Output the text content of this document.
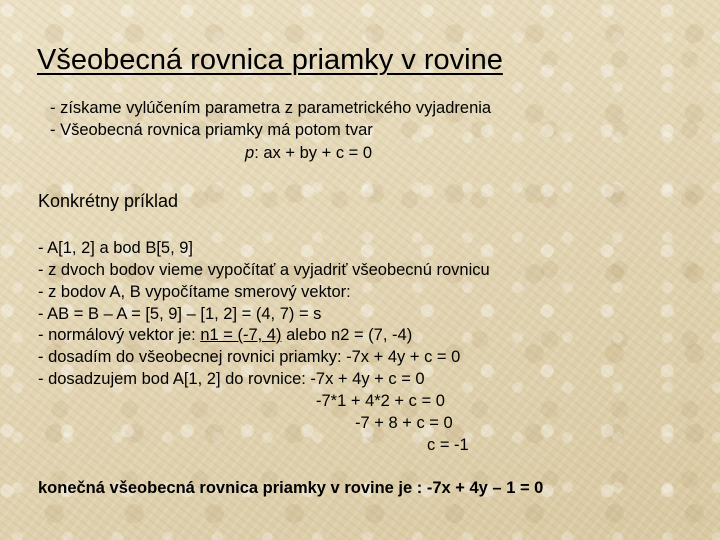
Všeobecná rovnica priamky v rovine
- získame vylúčením parametra z parametrického vyjadrenia
- Všeobecná rovnica priamky má potom tvar
p: ax + by + c = 0
Konkrétny príklad
- A[1, 2] a bod B[5, 9]
- z dvoch bodov vieme vypočítať a vyjadriť všeobecnú rovnicu
- z bodov A, B vypočítame smerový vektor:
- AB = B – A = [5, 9] – [1, 2] = (4, 7) = s
- normálový vektor je: n1 = (-7, 4) alebo n2 = (7, -4)
- dosadím do všeobecnej rovnici priamky: -7x + 4y + c = 0
- dosadzujem bod A[1, 2] do rovnice: -7x + 4y + c = 0
-7*1 + 4*2 + c = 0
-7 + 8 + c = 0
c = -1
konečná všeobecná rovnica priamky v rovine je : -7x + 4y – 1 = 0
